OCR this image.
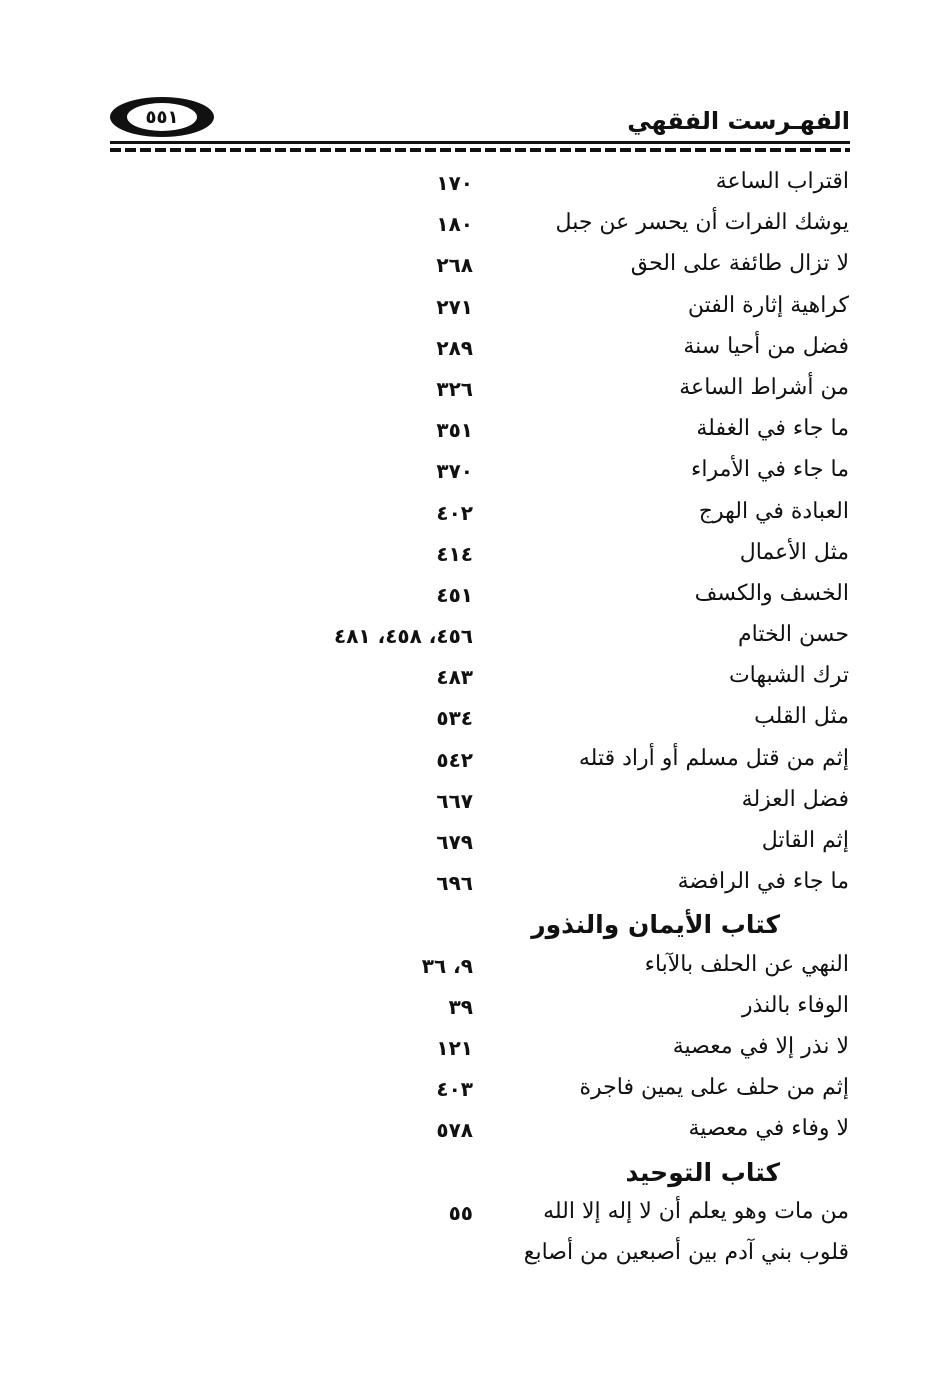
الفهـرست الفقهي
٥٥١
اقتراب الساعة
١٧٠
يوشك الفرات أن يحسر عن جبل
١٨٠
لا تزال طائفة على الحق
٢٦٨
كراهية إثارة الفتن
٢٧١
فضل من أحيا سنة
٢٨٩
من أشراط الساعة
٣٢٦
ما جاء في الغفلة
٣٥١
ما جاء في الأمراء
٣٧٠
العبادة في الهرج
٤٠٢
مثل الأعمال
٤١٤
الخسف والكسف
٤٥١
حسن الختام
٤٥٦، ٤٥٨، ٤٨١
ترك الشبهات
٤٨٣
مثل القلب
٥٣٤
إثم من قتل مسلم أو أراد قتله
٥٤٢
فضل العزلة
٦٦٧
إثم القاتل
٦٧٩
ما جاء في الرافضة
٦٩٦
كتاب الأيمان والنذور
النهي عن الحلف بالآباء
٩، ٣٦
الوفاء بالنذر
٣٩
لا نذر إلا في معصية
١٢١
إثم من حلف على يمين فاجرة
٤٠٣
لا وفاء في معصية
٥٧٨
كتاب التوحيد
من مات وهو يعلم أن لا إله إلا الله
٥٥
قلوب بني آدم بين أصبعين من أصابع
